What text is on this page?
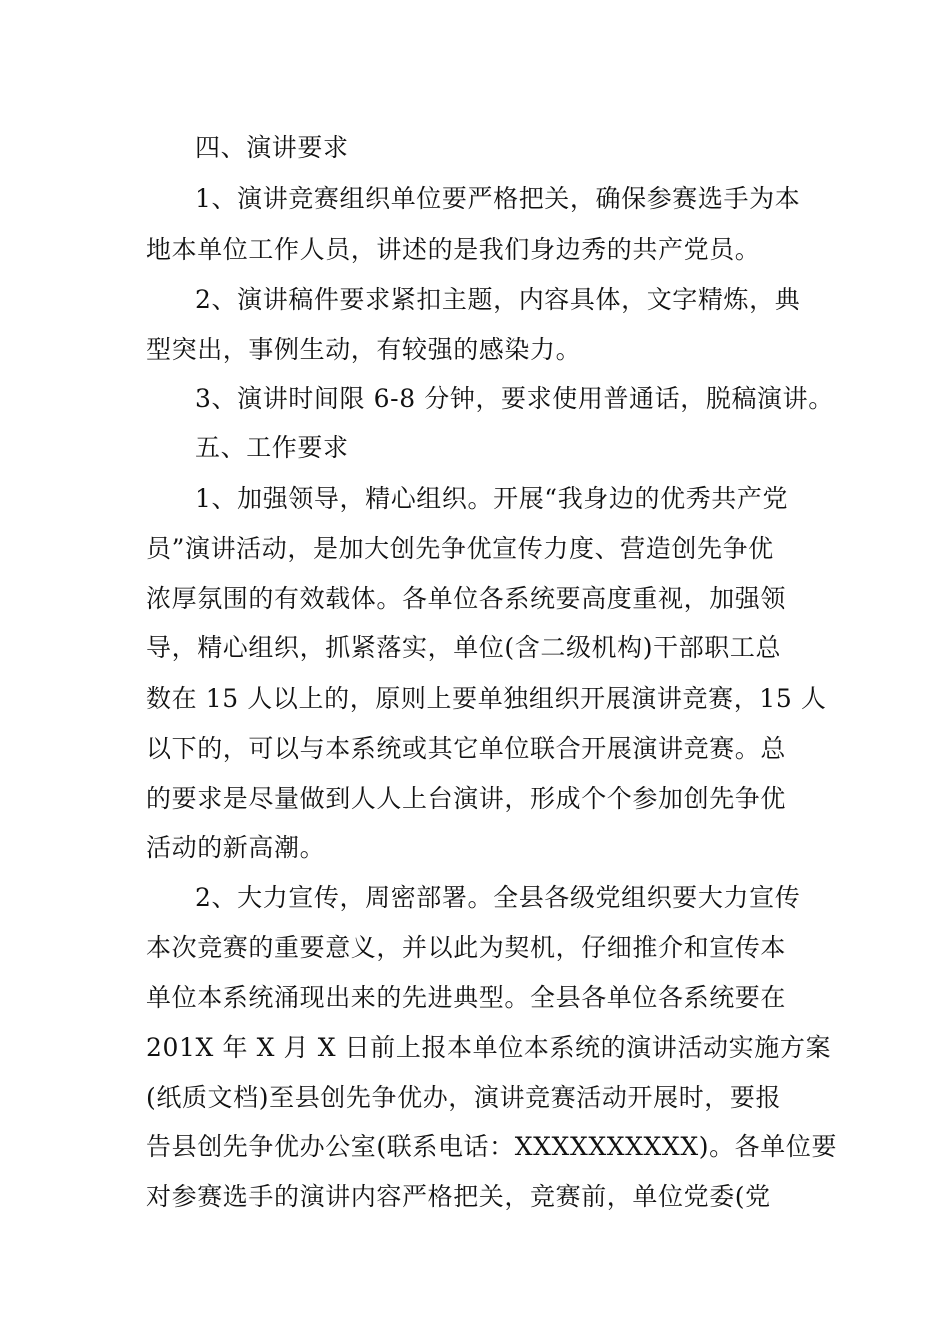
四、演讲要求
1、演讲竞赛组织单位要严格把关，确保参赛选手为本
地本单位工作人员，讲述的是我们身边秀的共产党员。
2、演讲稿件要求紧扣主题，内容具体，文字精炼，典
型突出，事例生动，有较强的感染力。
3、演讲时间限 6-8 分钟，要求使用普通话，脱稿演讲。
五、工作要求
1、加强领导，精心组织。开展“我身边的优秀共产党
员”演讲活动，是加大创先争优宣传力度、营造创先争优
浓厚氛围的有效载体。各单位各系统要高度重视，加强领
导，精心组织，抓紧落实，单位(含二级机构)干部职工总
数在 15 人以上的，原则上要单独组织开展演讲竞赛，15 人
以下的，可以与本系统或其它单位联合开展演讲竞赛。总
的要求是尽量做到人人上台演讲，形成个个参加创先争优
活动的新高潮。
2、大力宣传，周密部署。全县各级党组织要大力宣传
本次竞赛的重要意义，并以此为契机，仔细推介和宣传本
单位本系统涌现出来的先进典型。全县各单位各系统要在
201X 年 X 月 X 日前上报本单位本系统的演讲活动实施方案
(纸质文档)至县创先争优办，演讲竞赛活动开展时，要报
告县创先争优办公室(联系电话：XXXXXXXXXX)。各单位要
对参赛选手的演讲内容严格把关，竞赛前，单位党委(党
